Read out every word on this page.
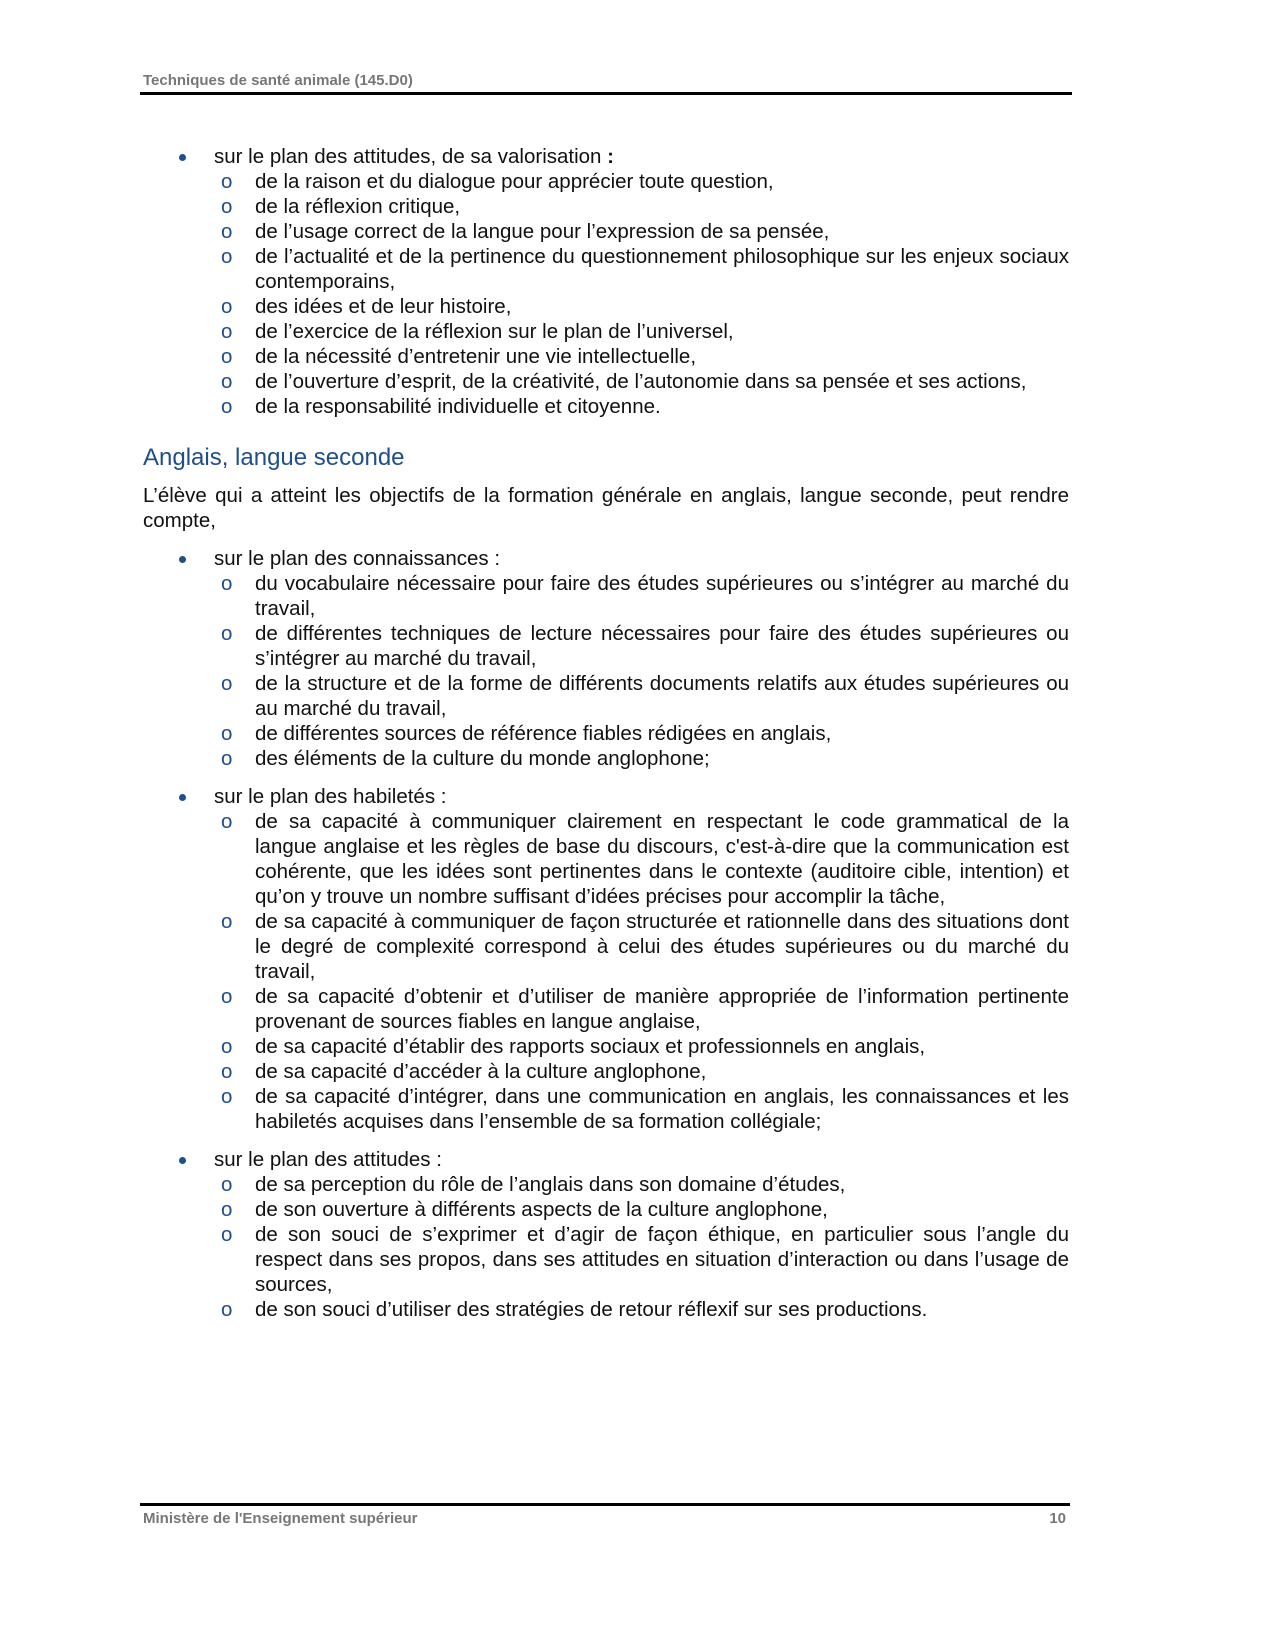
Techniques de santé animale (145.D0)
sur le plan des attitudes, de sa valorisation :
o de la raison et du dialogue pour apprécier toute question,
o de la réflexion critique,
o de l’usage correct de la langue pour l’expression de sa pensée,
o de l’actualité et de la pertinence du questionnement philosophique sur les enjeux sociaux contemporains,
o des idées et de leur histoire,
o de l’exercice de la réflexion sur le plan de l’universel,
o de la nécessité d’entretenir une vie intellectuelle,
o de l’ouverture d’esprit, de la créativité, de l’autonomie dans sa pensée et ses actions,
o de la responsabilité individuelle et citoyenne.
Anglais, langue seconde

L’élève qui a atteint les objectifs de la formation générale en anglais, langue seconde, peut rendre compte,

sur le plan des connaissances :
o du vocabulaire nécessaire pour faire des études supérieures ou s’intégrer au marché du travail,
o de différentes techniques de lecture nécessaires pour faire des études supérieures ou s’intégrer au marché du travail,
o de la structure et de la forme de différents documents relatifs aux études supérieures ou au marché du travail,
o de différentes sources de référence fiables rédigées en anglais,
o des éléments de la culture du monde anglophone;
sur le plan des habiletés :
o de sa capacité à communiquer clairement en respectant le code grammatical de la langue anglaise et les règles de base du discours, c'est-à-dire que la communication est cohérente, que les idées sont pertinentes dans le contexte (auditoire cible, intention) et qu’on y trouve un nombre suffisant d’idées précises pour accomplir la tâche,
o de sa capacité à communiquer de façon structurée et rationnelle dans des situations dont le degré de complexité correspond à celui des études supérieures ou du marché du travail,
o de sa capacité d’obtenir et d’utiliser de manière appropriée de l’information pertinente provenant de sources fiables en langue anglaise,
o de sa capacité d’établir des rapports sociaux et professionnels en anglais,
o de sa capacité d’accéder à la culture anglophone,
o de sa capacité d’intégrer, dans une communication en anglais, les connaissances et les habiletés acquises dans l’ensemble de sa formation collégiale;
sur le plan des attitudes :
o de sa perception du rôle de l’anglais dans son domaine d’études,
o de son ouverture à différents aspects de la culture anglophone,
o de son souci de s’exprimer et d’agir de façon éthique, en particulier sous l’angle du respect dans ses propos, dans ses attitudes en situation d’interaction ou dans l’usage de sources,
o de son souci d’utiliser des stratégies de retour réflexif sur ses productions.
Ministère de l'Enseignement supérieur	10
